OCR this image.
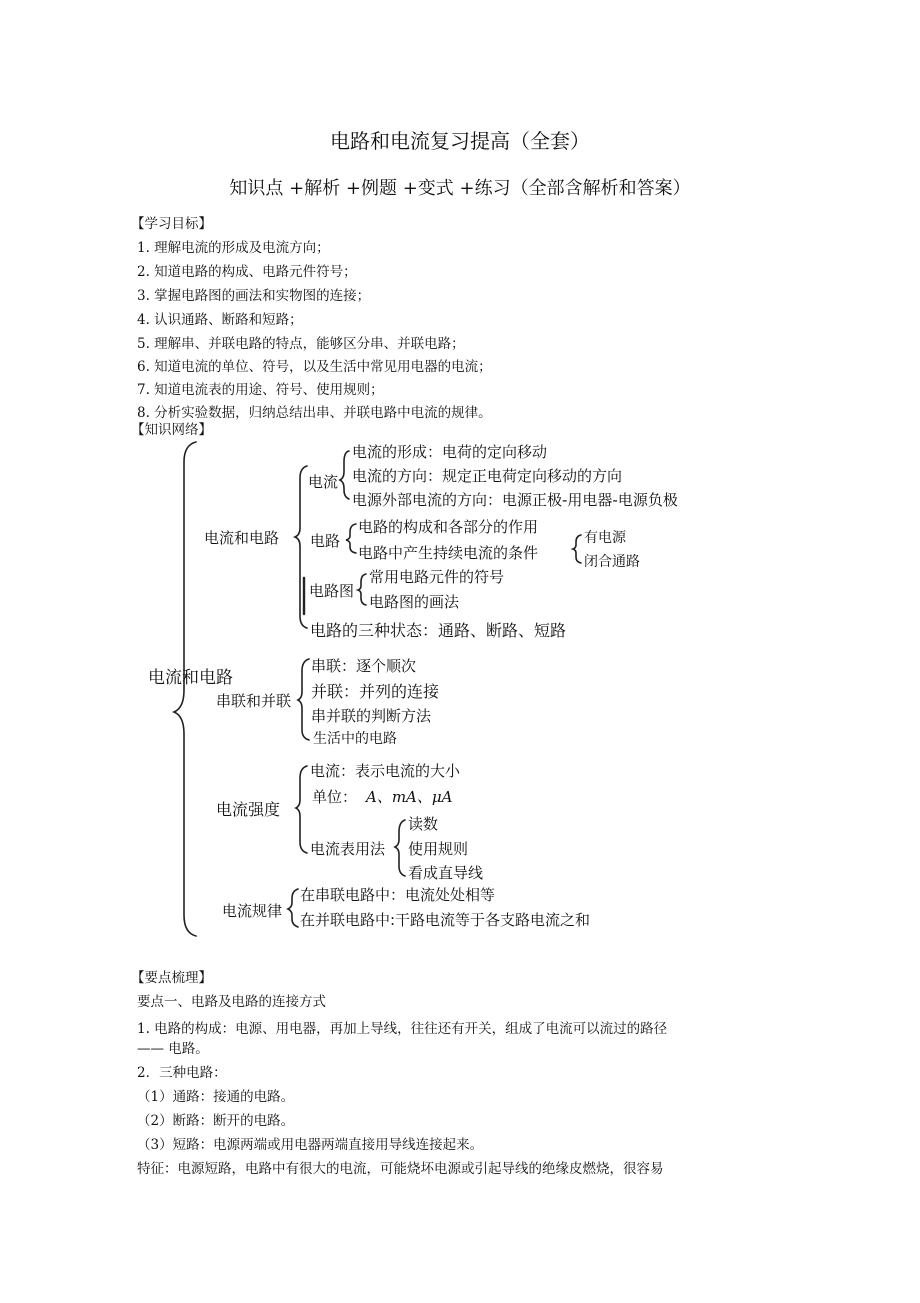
电路和电流复习提高（全套）
知识点 +解析 +例题 +变式 +练习（全部含解析和答案）
【学习目标】
1. 理解电流的形成及电流方向；
2. 知道电路的构成、电路元件符号；
3. 掌握电路图的画法和实物图的连接；
4. 认识通路、断路和短路；
5. 理解串、并联电路的特点，能够区分串、并联电路；
6. 知道电流的单位、符号，以及生活中常见用电器的电流；
7. 知道电流表的用途、符号、使用规则；
8. 分析实验数据，归纳总结出串、并联电路中电流的规律。
【知识网络】
电流和电路
电流和电路
电流
电流的形成：电荷的定向移动
电流的方向：规定正电荷定向移动的方向
电源外部电流的方向：电源正极-用电器-电源负极
电路
电路的构成和各部分的作用
电路中产生持续电流的条件
有电源
闭合通路
电路图
常用电路元件的符号
电路图的画法
电路的三种状态：通路、断路、短路
串联和并联
串联：逐个顺次
并联：并列的连接
串并联的判断方法
生活中的电路
电流强度
电流：表示电流的大小
单位： A、mA、μA
电流表用法
读数
使用规则
看成直导线
电流规律
在串联电路中：电流处处相等
在并联电路中:干路电流等于各支路电流之和
【要点梳理】
要点一、电路及电路的连接方式
1. 电路的构成：电源、用电器，再加上导线，往往还有开关，组成了电流可以流过的路径
—— 电路。
2．三种电路：
（1）通路：接通的电路。
（2）断路：断开的电路。
（3）短路：电源两端或用电器两端直接用导线连接起来。
特征：电源短路，电路中有很大的电流，可能烧坏电源或引起导线的绝缘皮燃烧，很容易
